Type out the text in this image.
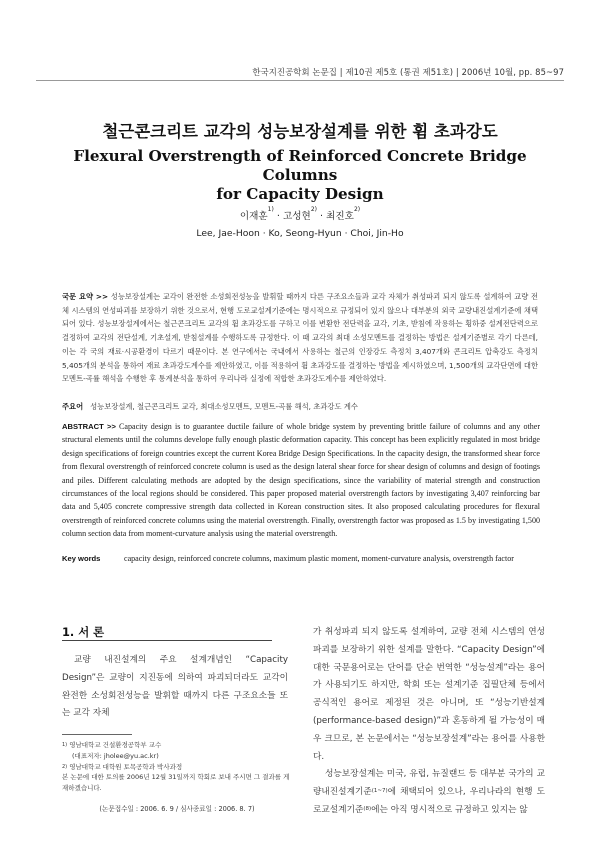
한국지진공학회 논문집 | 제10권 제5호 (통권 제51호) | 2006년 10월, pp. 85~97
철근콘크리트 교각의 성능보장설계를 위한 휨 초과강도
Flexural Overstrength of Reinforced Concrete Bridge Columns
for Capacity Design
이재훈$^{1)}$ · 고성현$^{2)}$ · 최진호$^{2)}$
Lee, Jae-Hoon · Ko, Seong-Hyun · Choi, Jin-Ho
국문 요약 >> 성능보장설계는 교각이 완전한 소성회전성능을 발휘할 때까지 다른 구조요소들과 교각 자체가 취성파괴 되지 않도록 설계하여 교량 전체 시스템의 연성파괴를 보장하기 위한 것으로서, 현행 도로교설계기준에는 명시적으로 규정되어 있지 않으나 대부분의 외국 교량내진설계기준에 채택되어 있다. 성능보장설계에서는 철근콘크리트 교각의 휨 초과강도를 구하고 이를 변환한 전단력을 교각, 기초, 받침에 작용하는 횡하중 설계전단력으로 결정하여 교각의 전단설계, 기초설계, 받침설계를 수행하도록 규정한다. 이 때 교각의 최대 소성모멘트를 결정하는 방법은 설계기준별로 각기 다른데, 이는 각 국의 재료·시공환경이 다르기 때문이다. 본 연구에서는 국내에서 사용하는 철근의 인장강도 측정치 3,407개와 콘크리트 압축강도 측정치 5,405개의 분석을 통하여 재료 초과강도계수를 제안하였고, 이를 적용하여 휨 초과강도를 결정하는 방법을 제시하였으며, 1,500개의 교각단면에 대한 모멘트-곡률 해석을 수행한 후 통계분석을 통하여 우리나라 실정에 적합한 초과강도계수를 제안하였다.
주요어 성능보장설계, 철근콘크리트 교각, 최대소성모멘트, 모멘트-곡률 해석, 초과강도 계수
ABSTRACT >> Capacity design is to guarantee ductile failure of whole bridge system by preventing brittle failure of columns and any other structural elements until the columns develope fully enough plastic deformation capacity. This concept has been explicitly regulated in most bridge design specifications of foreign countries except the current Korea Bridge Design Specifications. In the capacity design, the transformed shear force from flexural overstrength of reinforced concrete column is used as the design lateral shear force for shear design of columns and design of footings and piles. Different calculating methods are adopted by the design specifications, since the variability of material strength and construction circumstances of the local regions should be considered. This paper proposed material overstrength factors by investigating 3,407 reinforcing bar data and 5,405 concrete compressive strength data collected in Korean construction sites. It also proposed calculating procedures for flexural overstrength of reinforced concrete columns using the material overstrength. Finally, overstrength factor was proposed as 1.5 by investigating 1,500 column section data from moment-curvature analysis using the material overstrength.
Key words	capacity design, reinforced concrete columns, maximum plastic moment, moment-curvature analysis, overstrength factor
1. 서 론
교량 내진설계의 주요 설계개념인 “Capacity Design”은 교량이 지진동에 의하여 파괴되더라도 교각이 완전한 소성회전성능을 발휘할 때까지 다른 구조요소들 또는 교각 자체

가 취성파괴 되지 않도록 설계하여, 교량 전체 시스템의 연성파괴를 보장하기 위한 설계를 말한다. “Capacity Design”에 대한 국문용어로는 단어를 단순 번역한 “성능설계”라는 용어가 사용되기도 하지만, 학회 또는 설계기준 집필단체 등에서 공식적인 용어로 제정된 것은 아니며, 또 “성능기반설계(performance-based design)”과 혼동하게 될 가능성이 매우 크므로, 본 논문에서는 “성능보장설계”라는 용어를 사용한다.

성능보장설계는 미국, 유럽, 뉴질랜드 등 대부분 국가의 교량내진설계기준$^{(1\sim 7)}$에 채택되어 있으나, 우리나라의 현행 도로교설계기준$^{(8)}$에는 아직 명시적으로 규정하고 있지는 않

$^{1)}$ 영남대학교 건설환경공학부 교수
(대표저자: jholee@yu.ac.kr)
$^{2)}$ 영남대학교 대학원 토목공학과 박사과정
본 논문에 대한 토의를 2006년 12월 31일까지 학회로 보내 주시면 그 결과를 게재하겠습니다.
(논문접수일 : 2006. 6. 9 / 심사종료일 : 2006. 8. 7)
